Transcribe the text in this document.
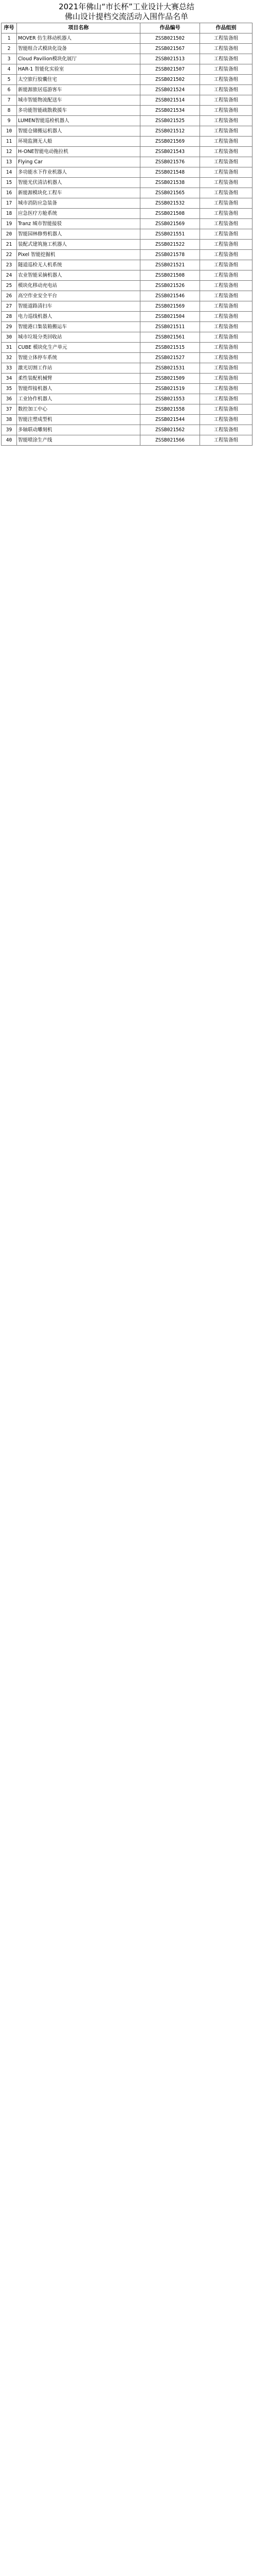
2021年佛山“市长杯”工业设计大赛总结
佛山设计提档交流活动入围作品名单
序号	项目名称	作品编号	作品组别
1	MOVER 仿生移动机器人	ZSSB021502	工程装备组
2	智能组合式模块化设备	ZSSB021567	工程装备组
3	Cloud Pavilion模块化展厅	ZSSB021513	工程装备组
4	HAR-1 智能化实验室	ZSSB021507	工程装备组
5	太空旅行胶囊住宅	ZSSB021502	工程装备组
6	新能源旅居巡游客车	ZSSB021524	工程装备组
7	城市智能物流配送车	ZSSB021514	工程装备组
8	多功能智能疏散救援车	ZSSB021534	工程装备组
9	LUMEN智能巡检机器人	ZSSB021525	工程装备组
10	智能仓储搬运机器人	ZSSB021512	工程装备组
11	环境监测无人船	ZSSB021569	工程装备组
12	H-ONE智能电动拖拉机	ZSSB021543	工程装备组
13	Flying Car	ZSSB021576	工程装备组
14	多功能水下作业机器人	ZSSB021548	工程装备组
15	智能光伏清洁机器人	ZSSB021538	工程装备组
16	新能源模块化工程车	ZSSB021565	工程装备组
17	城市消防应急装备	ZSSB021532	工程装备组
18	应急医疗方舱系统	ZSSB021508	工程装备组
19	Tranz 城市智能接驳	ZSSB021569	工程装备组
20	智能园林修剪机器人	ZSSB021551	工程装备组
21	装配式建筑施工机器人	ZSSB021522	工程装备组
22	Pixel 智能挖掘机	ZSSB021578	工程装备组
23	隧道巡检无人机系统	ZSSB021521	工程装备组
24	农业智能采摘机器人	ZSSB021508	工程装备组
25	模块化移动充电站	ZSSB021526	工程装备组
26	高空作业安全平台	ZSSB021546	工程装备组
27	智能道路清扫车	ZSSB021569	工程装备组
28	电力巡线机器人	ZSSB021504	工程装备组
29	智能港口集装箱搬运车	ZSSB021511	工程装备组
30	城市垃圾分类回收站	ZSSB021561	工程装备组
31	CUBE 模块化生产单元	ZSSB021515	工程装备组
32	智能立体停车系统	ZSSB021527	工程装备组
33	激光切割工作站	ZSSB021531	工程装备组
34	柔性装配机械臂	ZSSB021509	工程装备组
35	智能焊接机器人	ZSSB021519	工程装备组
36	工业协作机器人	ZSSB021553	工程装备组
37	数控加工中心	ZSSB021558	工程装备组
38	智能注塑成型机	ZSSB021544	工程装备组
39	多轴联动雕刻机	ZSSB021562	工程装备组
40	智能喷涂生产线	ZSSB021566	工程装备组
